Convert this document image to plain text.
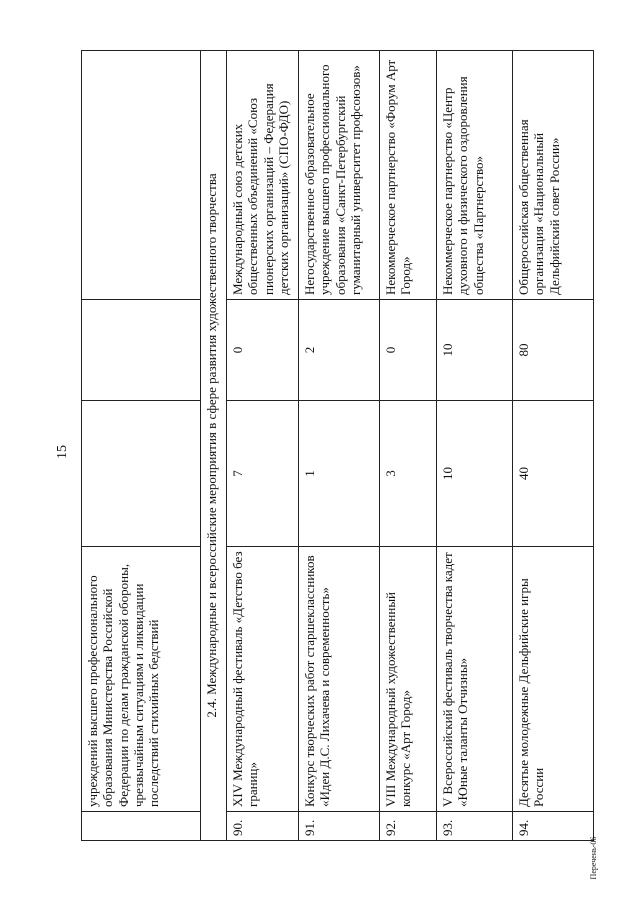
15
	учреждений высшего профессионального образования Министерства Российской Федерации по делам гражданской обороны, чрезвычайным ситуациям и ликвидации последствий стихийных бедствий			
2.4. Международные и всероссийские мероприятия в сфере развития художественного творчества				
90.	XIV Международный фестиваль «Детство без границ»	7	0	Международный союз детских общественных объединений «Союз пионерских организаций – Федерация детских организаций» (СПО-ФДО)
91.	Конкурс творческих работ старшеклассников «Идеи Д.С. Лихачева и современность»	1	2	Негосударственное образовательное учреждение высшего профессионального образования «Санкт-Петербургский гуманитарный университет профсоюзов»
92.	VIII Международный художественный конкурс «Арт Город»	3	0	Некоммерческое партнерство «Форум Арт Город»
93.	V Всероссийский фестиваль творчества кадет «Юные таланты Отчизны»	10	10	Некоммерческое партнерство «Центр духовного и физического оздоровления общества «Партнерство»
94.	Десятые молодежные Дельфийские игры России	40	80	Общероссийская общественная организация «Национальный Дельфийский совет России»
Перечень-06
